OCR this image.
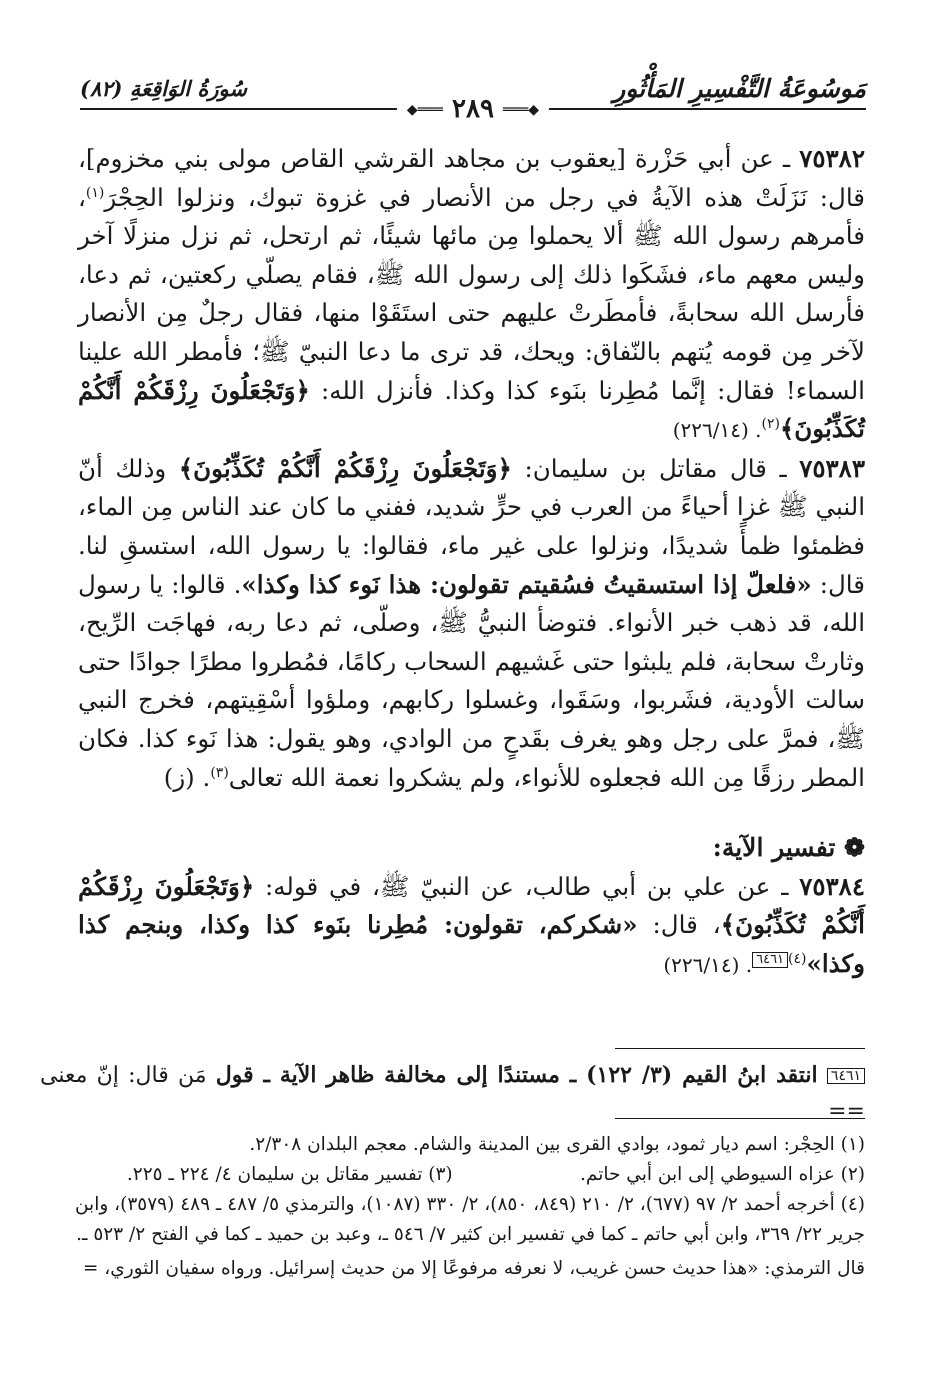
مَوسُوعَةُ التَّفْسِيرِ المَأْثُورِ
سُورَةُ الوَاقِعَةِ (٨٢)
◆═══ ٢٨٩ ═══◆

٧٥٣٨٢ ـ عن أبي حَزْرة [يعقوب بن مجاهد القرشي القاص مولى بني مخزوم]، قال: نَزَلَتْ هذه الآيةُ في رجل من الأنصار في غزوة تبوك، ونزلوا الحِجْرَ$^{(١)}$، فأمرهم رسول الله ﷺ ألا يحملوا مِن مائها شيئًا، ثم ارتحل، ثم نزل منزلًا آخر وليس معهم ماء، فشَكَوا ذلك إلى رسول الله ﷺ، فقام يصلّي ركعتين، ثم دعا، فأرسل الله سحابةً، فأمطَرتْ عليهم حتى استَقَوْا منها، فقال رجلٌ مِن الأنصار لآخر مِن قومه يُتهم بالنّفاق: ويحك، قد ترى ما دعا النبيّ ﷺ؛ فأمطر الله علينا السماء! فقال: إنَّما مُطِرنا بنَوء كذا وكذا. فأنزل الله: ﴿وَتَجْعَلُونَ رِزْقَكُمْ أَنَّكُمْ تُكَذِّبُونَ﴾$^{(٢)}$. (٢٢٦/١٤)

٧٥٣٨٣ ـ قال مقاتل بن سليمان: ﴿وَتَجْعَلُونَ رِزْقَكُمْ أَنَّكُمْ تُكَذِّبُونَ﴾ وذلك أنّ النبي ﷺ غزا أحياءً من العرب في حرٍّ شديد، ففني ما كان عند الناس مِن الماء، فظمئوا ظمأً شديدًا، ونزلوا على غير ماء، فقالوا: يا رسول الله، استسقِ لنا. قال: «فلعلّ إذا استسقيتُ فسُقيتم تقولون: هذا نَوء كذا وكذا». قالوا: يا رسول الله، قد ذهب خبر الأنواء. فتوضأ النبيُّ ﷺ، وصلّى، ثم دعا ربه، فهاجَت الرِّيح، وثارتْ سحابة، فلم يلبثوا حتى غَشيهم السحاب ركامًا، فمُطروا مطرًا جوادًا حتى سالت الأودية، فشَربوا، وسَقَوا، وغسلوا ركابهم، وملؤوا أسْقِيتهم، فخرج النبي ﷺ، فمرَّ على رجل وهو يغرف بقَدحٍ من الوادي، وهو يقول: هذا نَوء كذا. فكان المطر رزقًا مِن الله فجعلوه للأنواء، ولم يشكروا نعمة الله تعالى$^{(٣)}$. (ز)

❁ تفسير الآية:

٧٥٣٨٤ ـ عن علي بن أبي طالب، عن النبيّ ﷺ، في قوله: ﴿وَتَجْعَلُونَ رِزْقَكُمْ أَنَّكُمْ تُكَذِّبُونَ﴾، قال: «شكركم، تقولون: مُطِرنا بنَوء كذا وكذا، وبنجم كذا وكذا»$^{(٤)}$٦٤٦١. (٢٢٦/١٤)

٦٤٦١ انتقد ابنُ القيم (٣/ ١٢٢) ـ مستندًا إلى مخالفة ظاهر الآية ـ قول مَن قال: إنّ معنى ==

(١) الحِجْر: اسم ديار ثمود، بوادي القرى بين المدينة والشام. معجم البلدان ٢/٣٠٨.

(٢) عزاه السيوطي إلى ابن أبي حاتم.
(٣) تفسير مقاتل بن سليمان ٤/ ٢٢٤ ـ ٢٢٥.

(٤) أخرجه أحمد ٢/ ٩٧ (٦٧٧)، ٢/ ٢١٠ (٨٤٩، ٨٥٠)، ٢/ ٣٣٠ (١٠٨٧)، والترمذي ٥/ ٤٨٧ ـ ٤٨٩ (٣٥٧٩)، وابن جرير ٢٢/ ٣٦٩، وابن أبي حاتم ـ كما في تفسير ابن كثير ٧/ ٥٤٦ ـ، وعبد بن حميد ـ كما في الفتح ٢/ ٥٢٣ ـ.

قال الترمذي: «هذا حديث حسن غريب، لا نعرفه مرفوعًا إلا من حديث إسرائيل. ورواه سفيان الثوري، =
